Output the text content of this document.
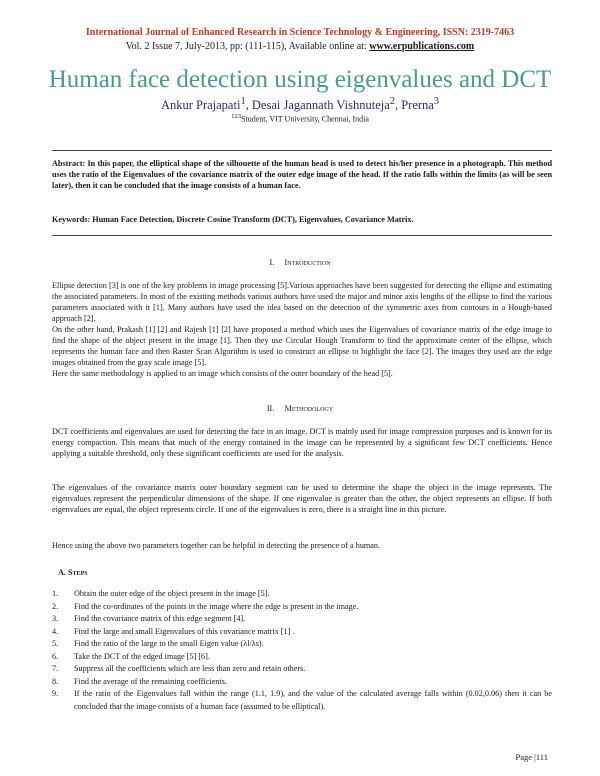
International Journal of Enhanced Research in Science Technology & Engineering, ISSN: 2319-7463
Vol. 2 Issue 7, July-2013, pp: (111-115), Available online at: www.erpublications.com
Human face detection using eigenvalues and DCT
Ankur Prajapati$^1$, Desai Jagannath Vishnuteja$^2$, Prerna$^3$
$^{123}$Student, VIT University, Chennai, India
Abstract: In this paper, the elliptical shape of the silhouette of the human head is used to detect his/her presence in a photograph. This method uses the ratio of the Eigenvalues of the covariance matrix of the outer edge image of the head. If the ratio falls within the limits (as will be seen later), then it can be concluded that the image consists of a human face.
Keywords: Human Face Detection, Discrete Cosine Transform (DCT), Eigenvalues, Covariance Matrix.
I. Introduction

Ellipse detection [3] is one of the key problems in image processing [5].Various approaches have been suggested for detecting the ellipse and estimating the associated parameters. In most of the existing methods various authors have used the major and minor axis lengths of the ellipse to find the various parameters associated with it [1]. Many authors have used the idea based on the detection of the symmetric axes from contours in a Hough-based approach [2].

On the other hand, Prakash [1] [2] and Rajesh [1] [2] have proposed a method which uses the Eigenvalues of covariance matrix of the edge image to find the shape of the object present in the image [1]. Then they use Circular Hough Transform to find the approximate center of the ellipse, which represents the human face and then Raster Scan Algorithm is used to construct an ellipse to highlight the face [2]. The images they used are the edge images obtained from the gray scale image [5].

Here the same methodology is applied to an image which consists of the outer boundary of the head [5].

II. Methodology
DCT coefficients and eigenvalues are used for detecting the face in an image. DCT is mainly used for image compression purposes and is known for its energy compaction. This means that much of the energy contained in the image can be represented by a significant few DCT coefficients. Hence applying a suitable threshold, only these significant coefficients are used for the analysis.
The eigenvalues of the covariance matrix outer boundary segment can be used to determine the shape the object in the image represents. The eigenvalues represent the perpendicular dimensions of the shape. If one eigenvalue is greater than the other, the object represents an ellipse. If both eigenvalues are equal, the object represents circle. If one of the eigenvalues is zero, there is a straight line in this picture.
Hence using the above two parameters together can be helpful in detecting the presence of a human.
A. Steps
1.	Obtain the outer edge of the object present in the image [5].
2.	Find the co-ordinates of the points in the image where the edge is present in the image.
3.	Find the covariance matrix of this edge segment [4].
4.	Find the large and small Eigenvalues of this covariance matrix [1] .
5.	Find the ratio of the large to the small Eigen value (λl/λs).
6.	Take the DCT of the edged image [5] [6].
7.	Suppress all the coefficients which are less than zero and retain others.
8.	Find the average of the remaining coefficients.
9.	If the ratio of the Eigenvalues fall within the range (1.1, 1.9), and the value of the calculated average falls within (0.02,0.06) then it can be concluded that the image consists of a human face (assumed to be elliptical).
Page |111
